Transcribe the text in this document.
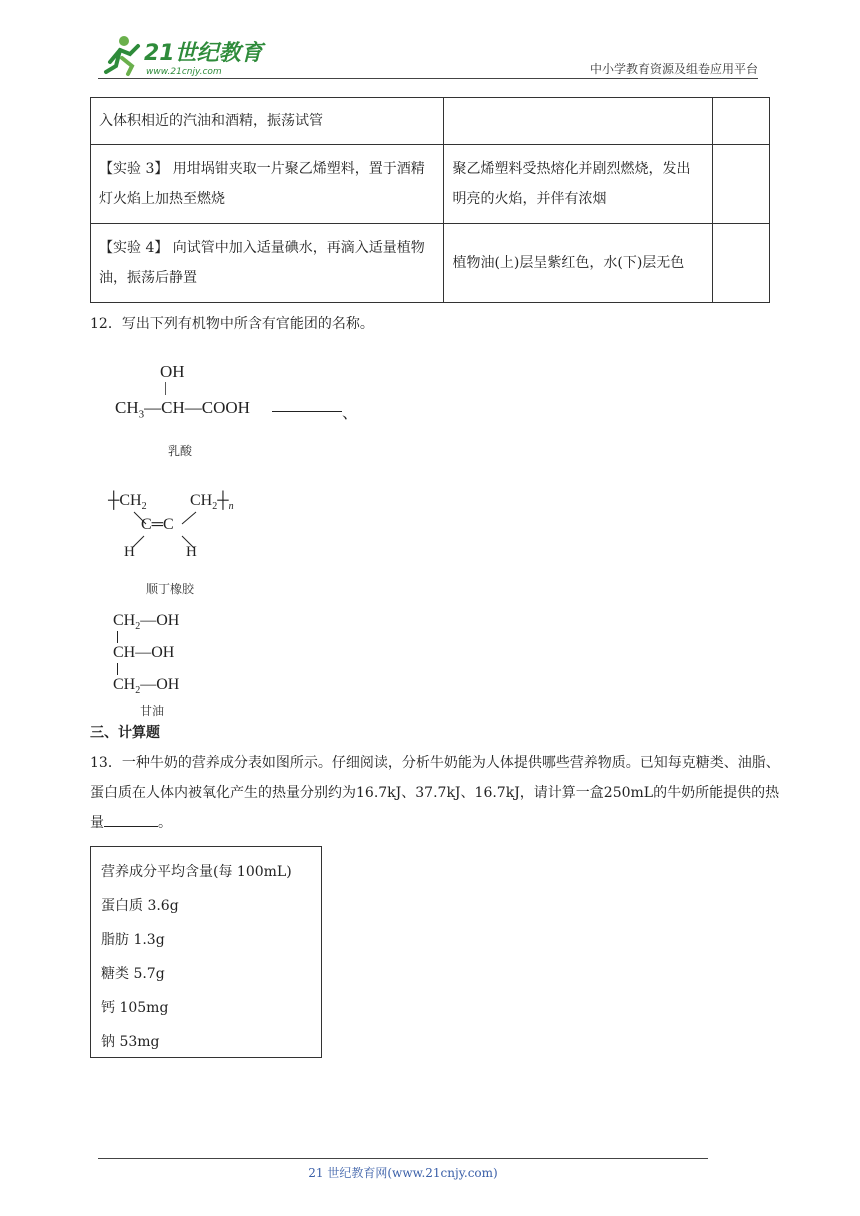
21世纪教育
www.21cnjy.com	中小学教育资源及组卷应用平台
入体积相近的汽油和酒精，振荡试管		
【实验 3】 用坩埚钳夹取一片聚乙烯塑料，置于酒精灯火焰上加热至燃烧	聚乙烯塑料受热熔化并剧烈燃烧，发出明亮的火焰，并伴有浓烟	
【实验 4】 向试管中加入适量碘水，再滴入适量植物油，振荡后静置	植物油(上)层呈紫红色，水(下)层无色	
12．写出下列有机物中所含有官能团的名称。
OH
|
$CH_3—CH—COOH$	、
乳酸
$┼CH_2$	$CH_2┼_n$
C═C
H	H
顺丁橡胶
$CH_2—OH$
CH—OH
$CH_2—OH$
甘油
三、计算题
13．一种牛奶的营养成分表如图所示。仔细阅读，分析牛奶能为人体提供哪些营养物质。已知每克糖类、油脂、蛋白质在人体内被氧化产生的热量分别约为16.7kJ、37.7kJ、16.7kJ，请计算一盒250mL的牛奶所能提供的热量	。
营养成分平均含量(每 100mL)
蛋白质 3.6g
脂肪 1.3g
糖类 5.7g
钙 105mg
钠 53mg
21 世纪教育网(www.21cnjy.com)
